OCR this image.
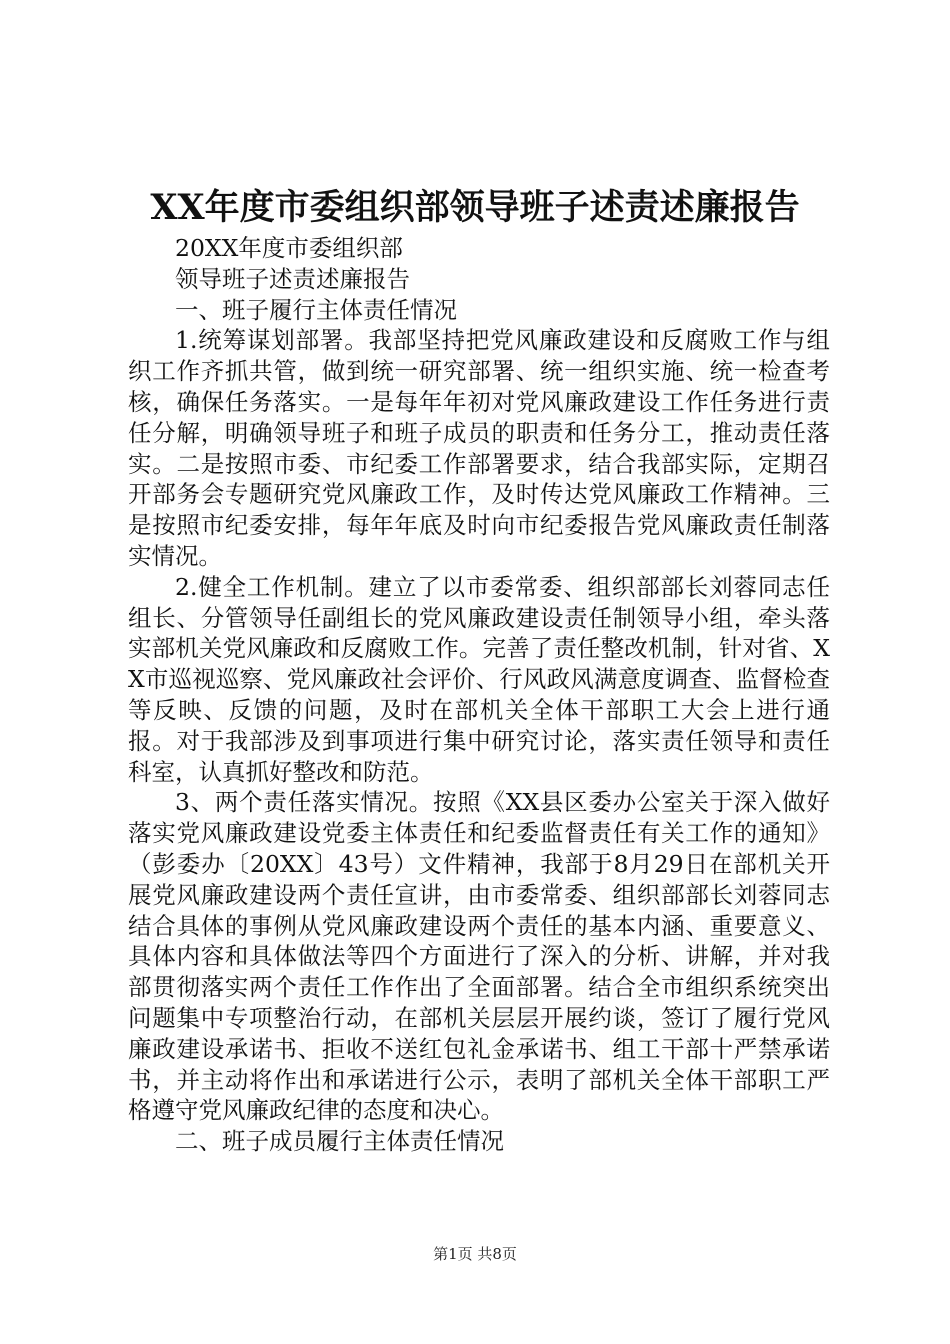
XX年度市委组织部领导班子述责述廉报告

20XX年度市委组织部

领导班子述责述廉报告

一、班子履行主体责任情况

1.统筹谋划部署。我部坚持把党风廉政建设和反腐败工作与组织工作齐抓共管，做到统一研究部署、统一组织实施、统一检查考核，确保任务落实。一是每年年初对党风廉政建设工作任务进行责任分解，明确领导班子和班子成员的职责和任务分工，推动责任落实。二是按照市委、市纪委工作部署要求，结合我部实际，定期召开部务会专题研究党风廉政工作，及时传达党风廉政工作精神。三是按照市纪委安排，每年年底及时向市纪委报告党风廉政责任制落实情况。

2.健全工作机制。建立了以市委常委、组织部部长刘蓉同志任组长、分管领导任副组长的党风廉政建设责任制领导小组，牵头落实部机关党风廉政和反腐败工作。完善了责任整改机制，针对省、XX市巡视巡察、党风廉政社会评价、行风政风满意度调查、监督检查等反映、反馈的问题，及时在部机关全体干部职工大会上进行通报。对于我部涉及到事项进行集中研究讨论，落实责任领导和责任科室，认真抓好整改和防范。

3、两个责任落实情况。按照《XX县区委办公室关于深入做好落实党风廉政建设党委主体责任和纪委监督责任有关工作的通知》（彭委办〔20XX〕43号）文件精神，我部于8月29日在部机关开展党风廉政建设两个责任宣讲，由市委常委、组织部部长刘蓉同志结合具体的事例从党风廉政建设两个责任的基本内涵、重要意义、具体内容和具体做法等四个方面进行了深入的分析、讲解，并对我部贯彻落实两个责任工作作出了全面部署。结合全市组织系统突出问题集中专项整治行动，在部机关层层开展约谈，签订了履行党风廉政建设承诺书、拒收不送红包礼金承诺书、组工干部十严禁承诺书，并主动将作出和承诺进行公示，表明了部机关全体干部职工严格遵守党风廉政纪律的态度和决心。

二、班子成员履行主体责任情况

第1页 共8页
